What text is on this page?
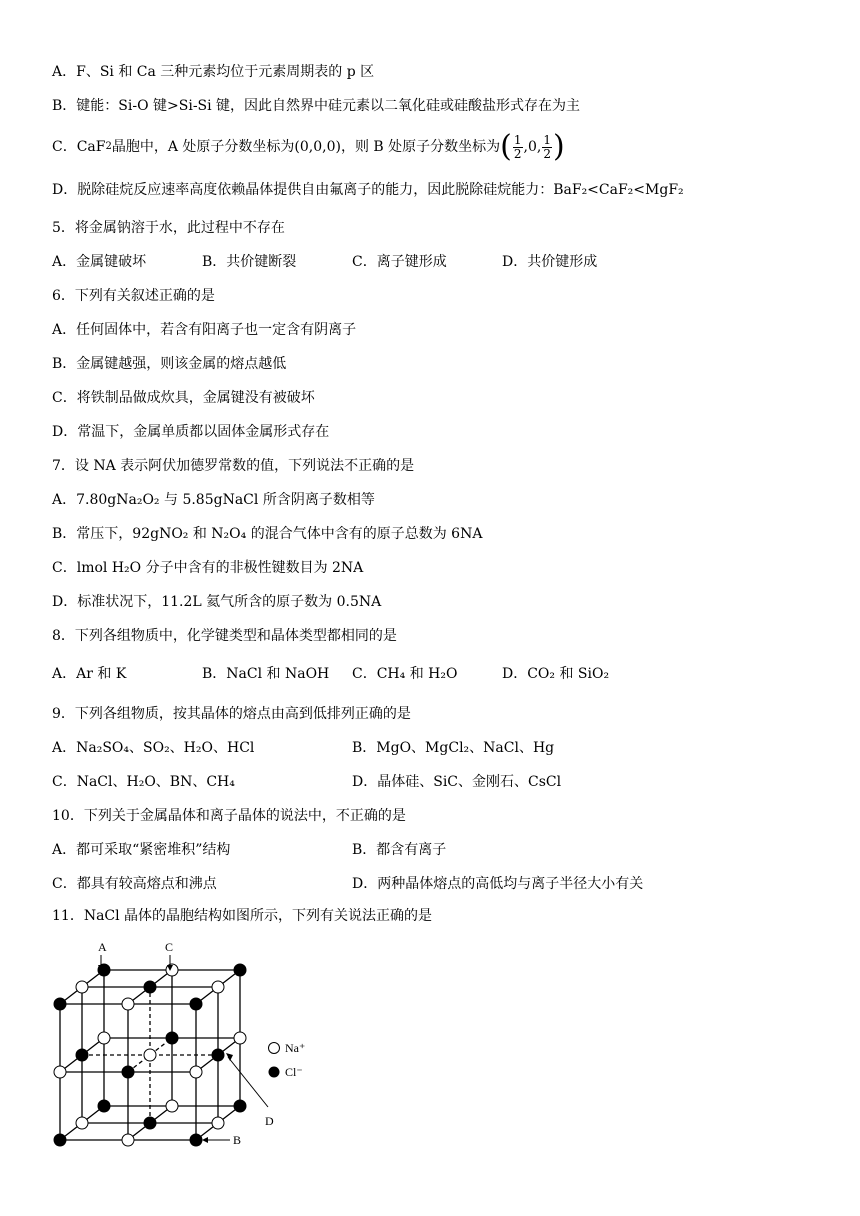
A．F、Si 和 Ca 三种元素均位于元素周期表的 p 区
B．键能：Si-O 键>Si-Si 键，因此自然界中硅元素以二氧化硅或硅酸盐形式存在为主
C．CaF 2 晶胞中，A 处原子分数坐标为(0,0,0)，则 B 处原子分数坐标为 ( $\frac{1}{2} ,0$, $\frac{1}{2}$ )
D．脱除硅烷反应速率高度依赖晶体提供自由氟离子的能力，因此脱除硅烷能力：BaF₂<CaF₂<MgF₂
5．将金属钠溶于水，此过程中不存在
A．金属键破坏	B．共价键断裂	C．离子键形成	D．共价键形成
6．下列有关叙述正确的是
A．任何固体中，若含有阳离子也一定含有阴离子
B．金属键越强，则该金属的熔点越低
C．将铁制品做成炊具，金属键没有被破坏
D．常温下，金属单质都以固体金属形式存在
7．设 NA 表示阿伏加德罗常数的值，下列说法不正确的是
A．7.80gNa₂O₂ 与 5.85gNaCl 所含阴离子数相等
B．常压下，92gNO₂ 和 N₂O₄ 的混合气体中含有的原子总数为 6NA
C．lmol H₂O 分子中含有的非极性键数目为 2NA
D．标准状况下，11.2L 氦气所含的原子数为 0.5NA
8．下列各组物质中，化学键类型和晶体类型都相同的是
A．Ar 和 K	B．NaCl 和 NaOH C．CH₄ 和 H₂O	D．CO₂ 和 SiO₂
9．下列各组物质，按其晶体的熔点由高到低排列正确的是
A．Na₂SO₄、SO₂、H₂O、HCl	B．MgO、MgCl₂、NaCl、Hg
C．NaCl、H₂O、BN、CH₄	D．晶体硅、SiC、金刚石、CsCl
10．下列关于金属晶体和离子晶体的说法中，不正确的是
A．都可采取“紧密堆积”结构	B．都含有离子
C．都具有较高熔点和沸点	D．两种晶体熔点的高低均与离子半径大小有关
11．NaCl 晶体的晶胞结构如图所示，下列有关说法正确的是
A	C
D
B
Na⁺
Cl⁻
